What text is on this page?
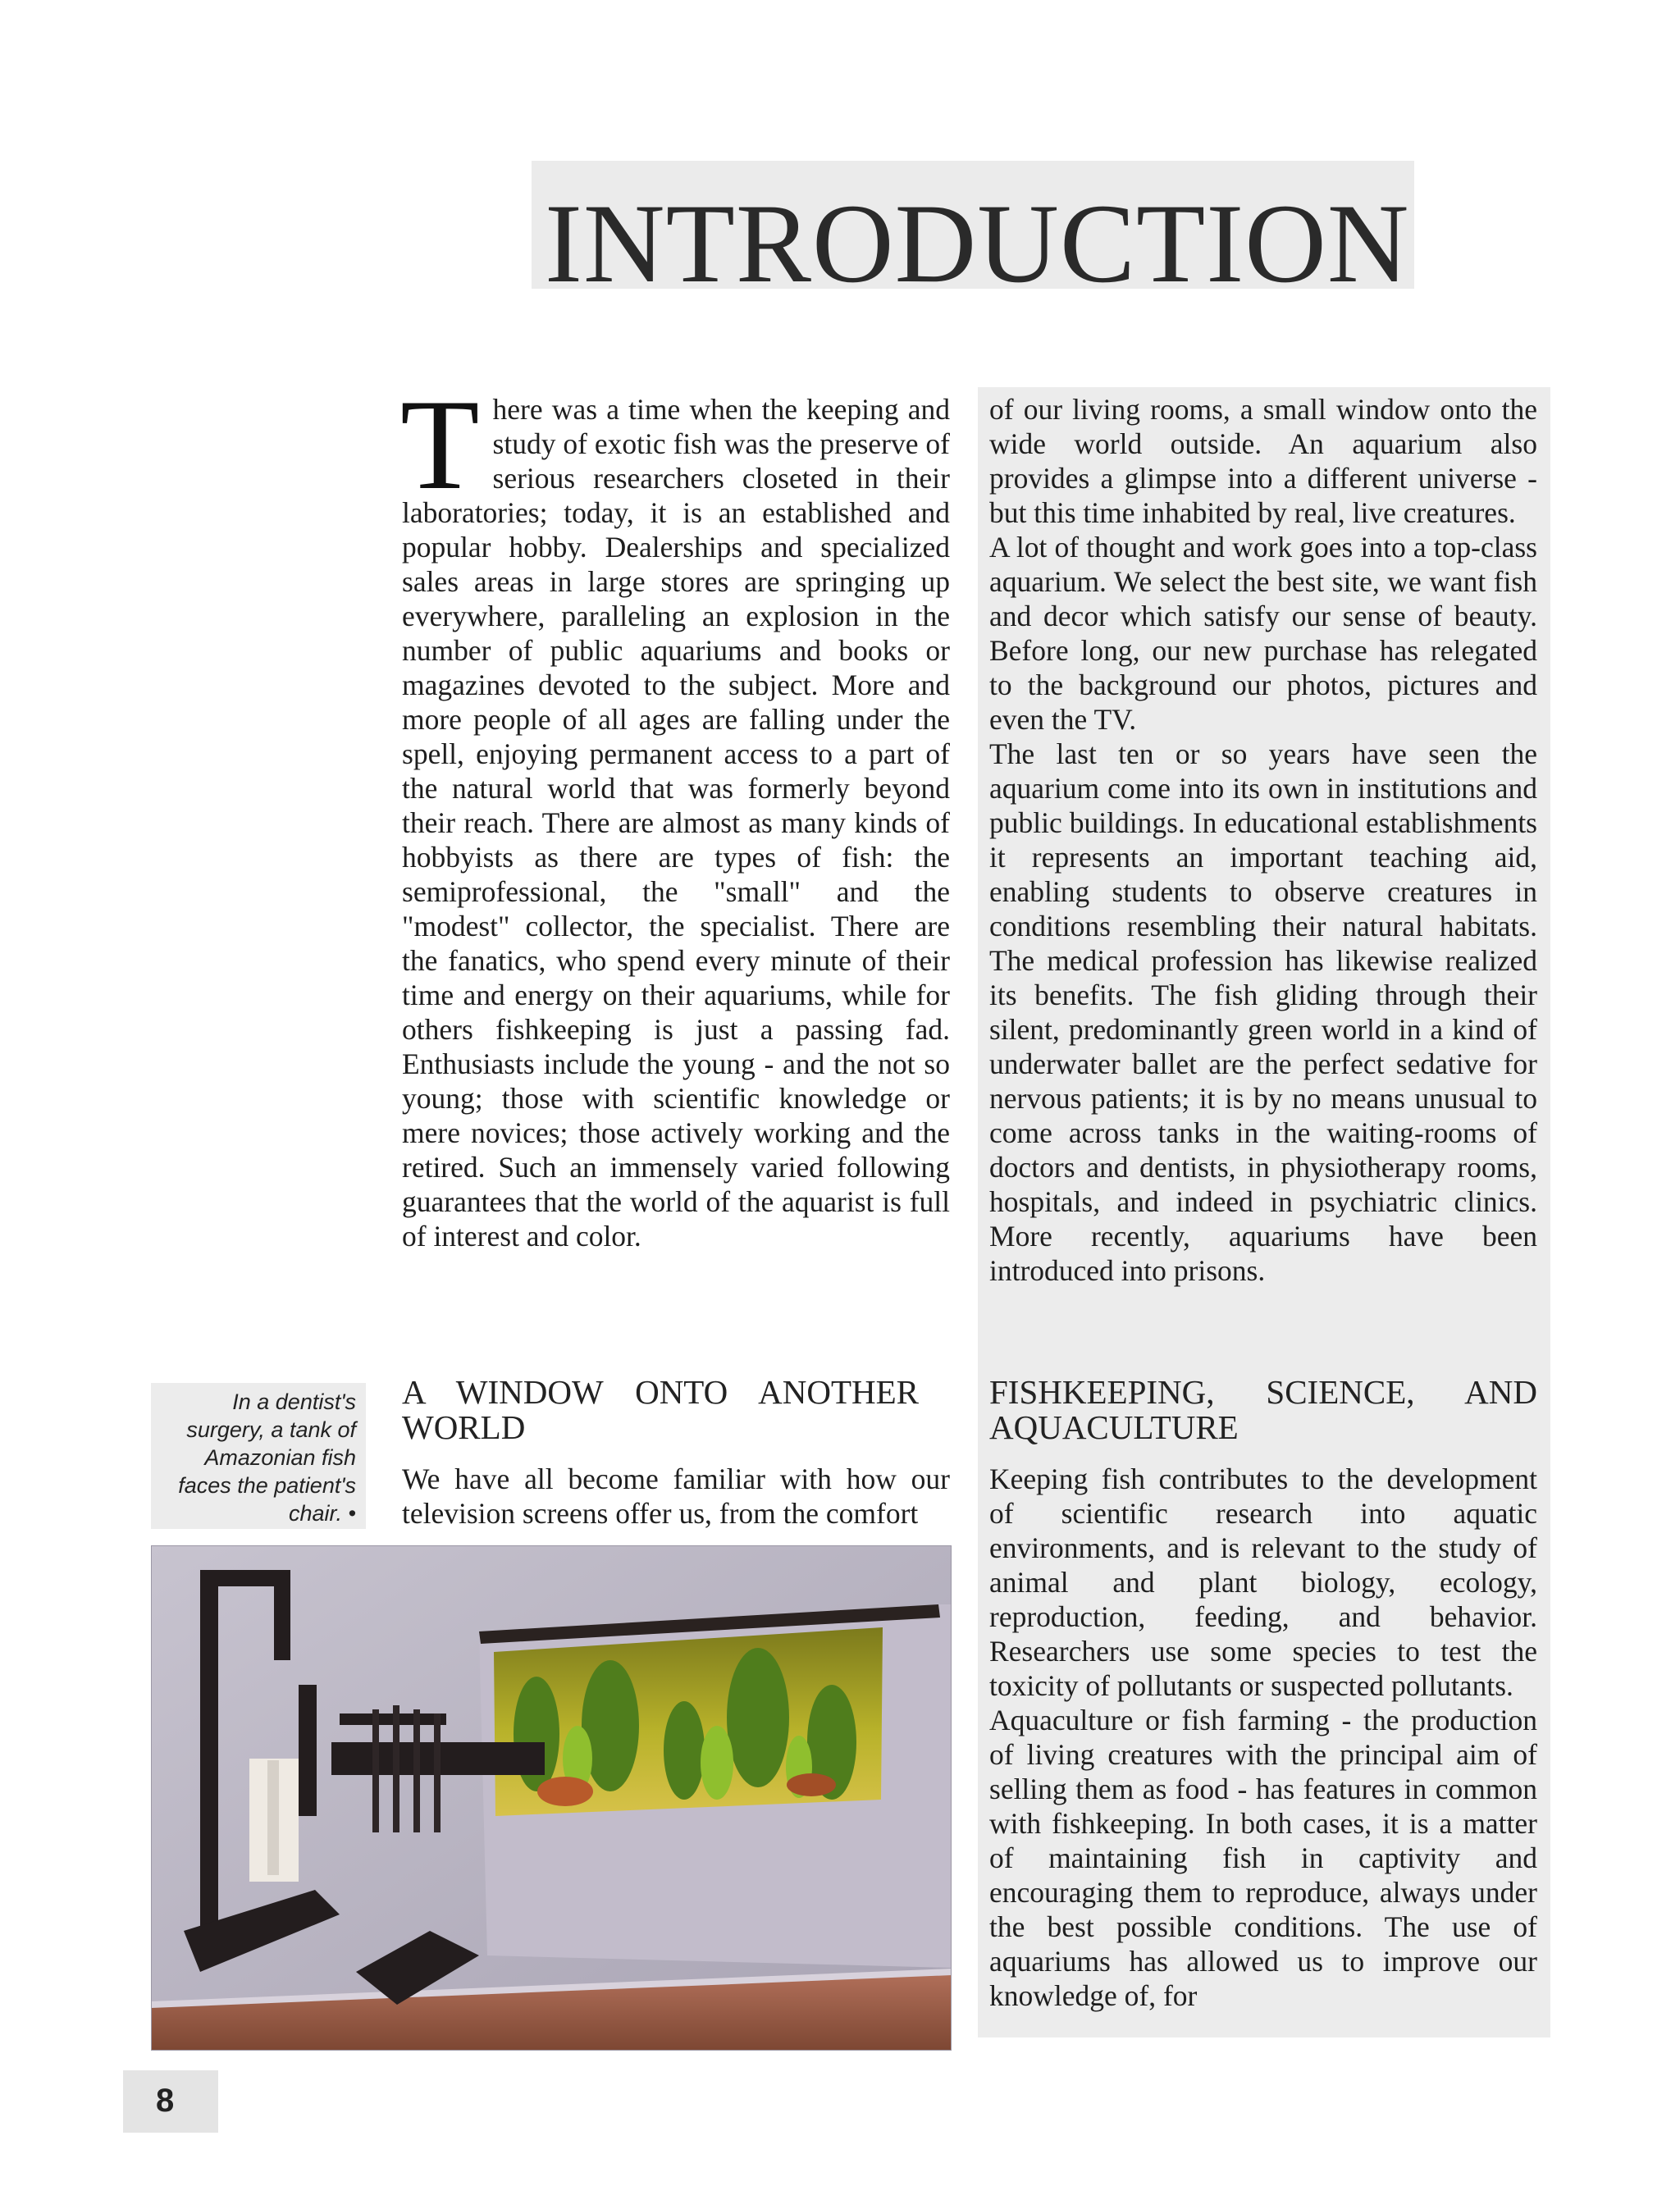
INTRODUCTION
T here was a time when the keeping and study of exotic fish was the preserve of serious researchers closeted in their laboratories; today, it is an established and popular hobby. Dealerships and specialized sales areas in large stores are springing up everywhere, paralleling an explosion in the number of public aquariums and books or magazines devoted to the subject. More and more people of all ages are falling under the spell, enjoying permanent access to a part of the natural world that was formerly beyond their reach. There are almost as many kinds of hobbyists as there are types of fish: the semiprofessional, the "small" and the "modest" collector, the specialist. There are the fanatics, who spend every minute of their time and energy on their aquariums, while for others fishkeeping is just a passing fad. Enthusiasts include the young - and the not so young; those with scientific knowledge or mere novices; those actively working and the retired. Such an immensely varied following guarantees that the world of the aquarist is full of interest and color.

of our living rooms, a small window onto the wide world outside. An aquarium also provides a glimpse into a different universe - but this time inhabited by real, live creatures.

A lot of thought and work goes into a top-class aquarium. We select the best site, we want fish and decor which satisfy our sense of beauty. Before long, our new purchase has relegated to the background our photos, pictures and even the TV.

The last ten or so years have seen the aquarium come into its own in institutions and public buildings. In educational establishments it represents an important teaching aid, enabling students to observe creatures in conditions resembling their natural habitats. The medical profession has likewise realized its benefits. The fish gliding through their silent, predominantly green world in a kind of underwater ballet are the perfect sedative for nervous patients; it is by no means unusual to come across tanks in the waiting-rooms of doctors and dentists, in physiotherapy rooms, hospitals, and indeed in psychiatric clinics. More recently, aquariums have been introduced into prisons.

A WINDOW ONTO ANOTHER WORLD
FISHKEEPING, SCIENCE, AND AQUACULTURE

We have all become familiar with how our television screens offer us, from the comfort

Keeping fish contributes to the development of scientific research into aquatic environments, and is relevant to the study of animal and plant biology, ecology, reproduction, feeding, and behavior. Researchers use some species to test the toxicity of pollutants or suspected pollutants.

Aquaculture or fish farming - the production of living creatures with the principal aim of selling them as food - has features in common with fishkeeping. In both cases, it is a matter of maintaining fish in captivity and encouraging them to reproduce, always under the best possible conditions. The use of aquariums has allowed us to improve our knowledge of, for

In a dentist's surgery, a tank of Amazonian fish faces the patient's chair. •
8
